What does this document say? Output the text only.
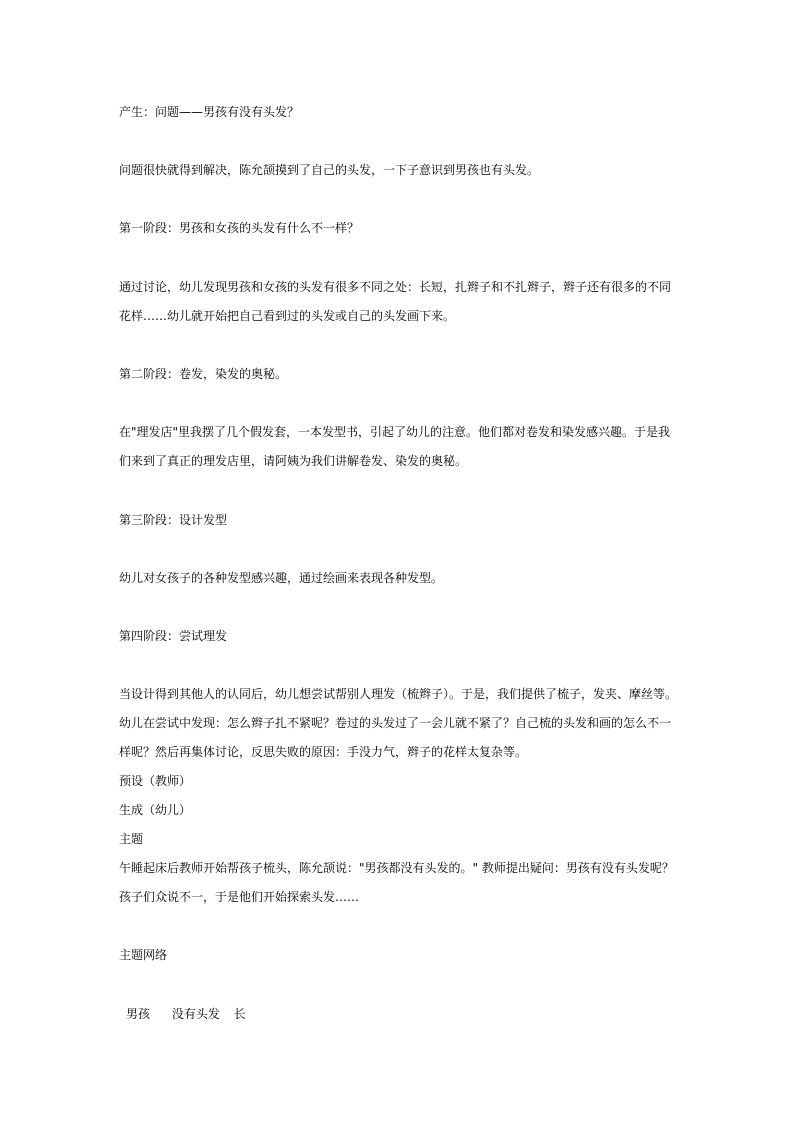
产生：问题——男孩有没有头发？
问题很快就得到解决，陈允颉摸到了自己的头发，一下子意识到男孩也有头发。
第一阶段：男孩和女孩的头发有什么不一样？
通过讨论，幼儿发现男孩和女孩的头发有很多不同之处：长短，扎辫子和不扎辫子，辫子还有很多的不同
花样……幼儿就开始把自己看到过的头发或自己的头发画下来。
第二阶段：卷发，染发的奥秘。
在"理发店"里我摆了几个假发套，一本发型书，引起了幼儿的注意。他们都对卷发和染发感兴趣。于是我
们来到了真正的理发店里，请阿姨为我们讲解卷发、染发的奥秘。
第三阶段：设计发型
幼儿对女孩子的各种发型感兴趣，通过绘画来表现各种发型。
第四阶段：尝试理发
当设计得到其他人的认同后，幼儿想尝试帮别人理发（梳辫子）。于是，我们提供了梳子，发夹、摩丝等。
幼儿在尝试中发现：怎么辫子扎不紧呢？卷过的头发过了一会儿就不紧了？自己梳的头发和画的怎么不一
样呢？然后再集体讨论，反思失败的原因：手没力气，辫子的花样太复杂等。
预设（教师）
生成（幼儿）
主题
午睡起床后教师开始帮孩子梳头，陈允颉说："男孩都没有头发的。" 教师提出疑问：男孩有没有头发呢？
孩子们众说不一，于是他们开始探索头发……
主题网络
男孩 没有头发 长
